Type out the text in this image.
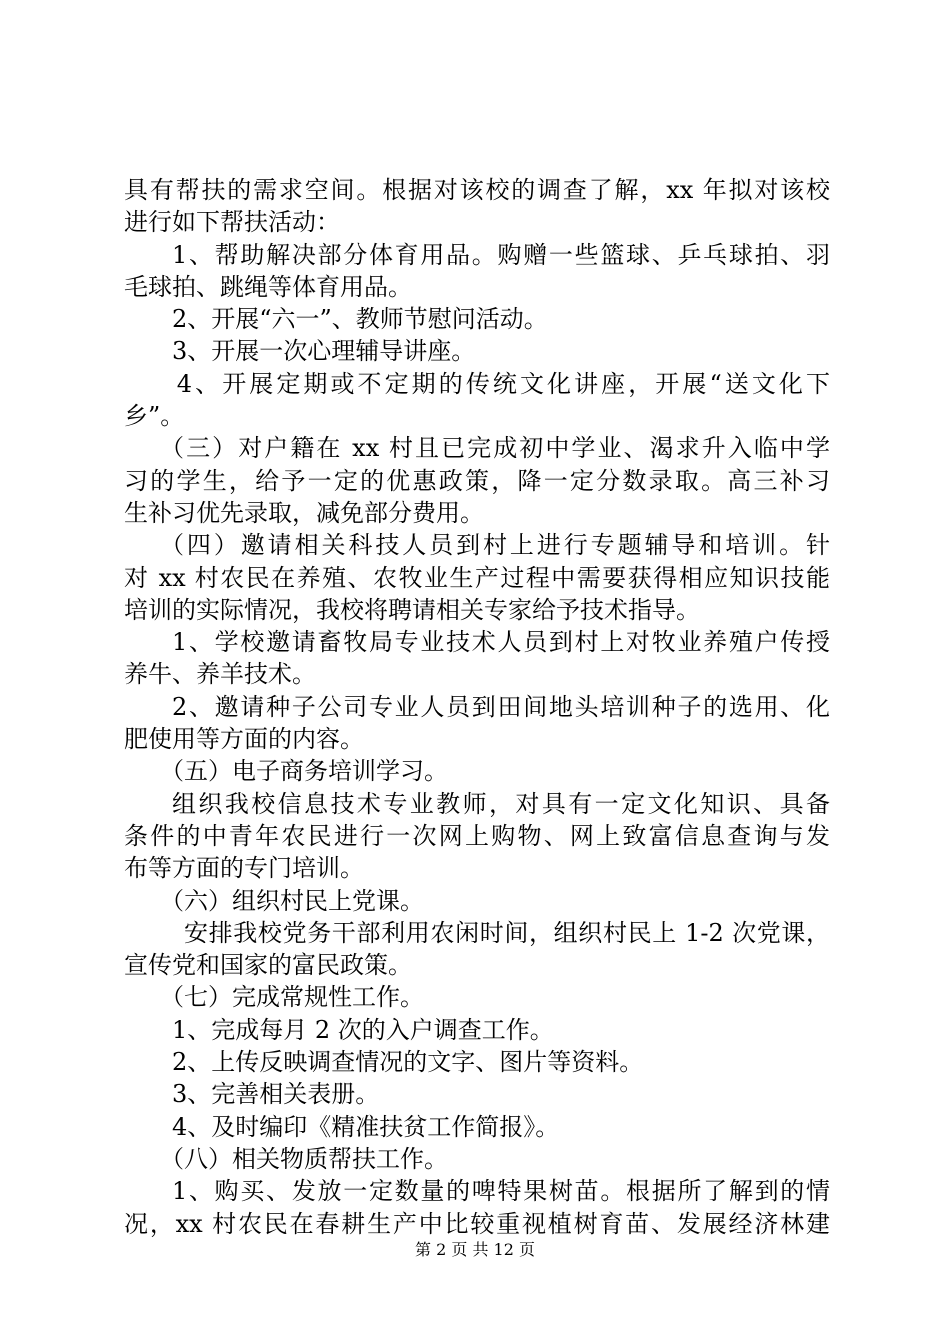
具有帮扶的需求空间。根据对该校的调查了解，xx 年拟对该校
进行如下帮扶活动：
1、帮助解决部分体育用品。购赠一些篮球、乒乓球拍、羽
毛球拍、跳绳等体育用品。
2、开展“六一”、教师节慰问活动。
3、开展一次心理辅导讲座。
4、开展定期或不定期的传统文化讲座，开展“送文化下
乡”。
（三）对户籍在 xx 村且已完成初中学业、渴求升入临中学
习的学生，给予一定的优惠政策，降一定分数录取。高三补习
生补习优先录取，减免部分费用。
（四）邀请相关科技人员到村上进行专题辅导和培训。针
对 xx 村农民在养殖、农牧业生产过程中需要获得相应知识技能
培训的实际情况，我校将聘请相关专家给予技术指导。
1、学校邀请畜牧局专业技术人员到村上对牧业养殖户传授
养牛、养羊技术。
2、邀请种子公司专业人员到田间地头培训种子的选用、化
肥使用等方面的内容。
（五）电子商务培训学习。
组织我校信息技术专业教师，对具有一定文化知识、具备
条件的中青年农民进行一次网上购物、网上致富信息查询与发
布等方面的专门培训。
（六）组织村民上党课。
安排我校党务干部利用农闲时间，组织村民上 1-2 次党课，
宣传党和国家的富民政策。
（七）完成常规性工作。
1、完成每月 2 次的入户调查工作。
2、上传反映调查情况的文字、图片等资料。
3、完善相关表册。
4、及时编印《精准扶贫工作简报》。
（八）相关物质帮扶工作。
1、购买、发放一定数量的啤特果树苗。根据所了解到的情
况，xx 村农民在春耕生产中比较重视植树育苗、发展经济林建
第 2 页 共 12 页
